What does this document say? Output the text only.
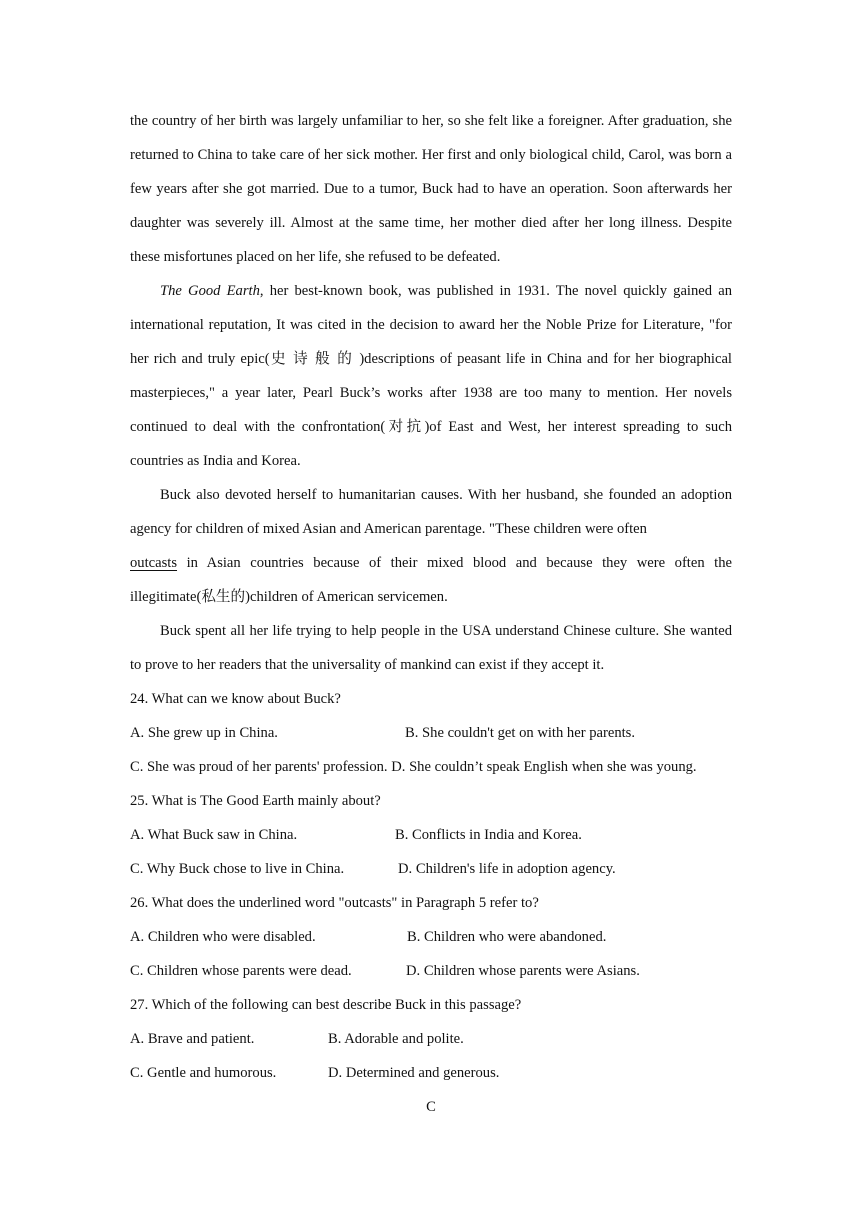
the country of her birth was largely unfamiliar to her, so she felt like a foreigner. After graduation, she returned to China to take care of her sick mother. Her first and only biological child, Carol, was born a few years after she got married. Due to a tumor, Buck had to have an operation. Soon afterwards her daughter was severely ill. Almost at the same time, her mother died after her long illness. Despite these misfortunes placed on her life, she refused to be defeated.

The Good Earth, her best-known book, was published in 1931. The novel quickly gained an international reputation, It was cited in the decision to award her the Noble Prize for Literature, "for her rich and truly epic(史诗般的)descriptions of peasant life in China and for her biographical masterpieces," a year later, Pearl Buck’s works after 1938 are too many to mention. Her novels continued to deal with the confrontation(对抗)of East and West, her interest spreading to such countries as India and Korea.

Buck also devoted herself to humanitarian causes. With her husband, she founded an adoption agency for children of mixed Asian and American parentage. "These children were often
outcasts in Asian countries because of their mixed blood and because they were often the illegitimate(私生的)children of American servicemen.

Buck spent all her life trying to help people in the USA understand Chinese culture. She wanted to prove to her readers that the universality of mankind can exist if they accept it.

24. What can we know about Buck?

A. She grew up in China.	B. She couldn't get on with her parents.

C. She was proud of her parents' profession. D. She couldn’t speak English when she was young.

25. What is The Good Earth mainly about?

A. What Buck saw in China.	B. Conflicts in India and Korea.
C. Why Buck chose to live in China.	D. Children's life in adoption agency.

26. What does the underlined word "outcasts" in Paragraph 5 refer to?

A. Children who were disabled.	B. Children who were abandoned.
C. Children whose parents were dead.	D. Children whose parents were Asians.

27. Which of the following can best describe Buck in this passage?

A. Brave and patient.	B. Adorable and polite.
C. Gentle and humorous.	D. Determined and generous.

C
